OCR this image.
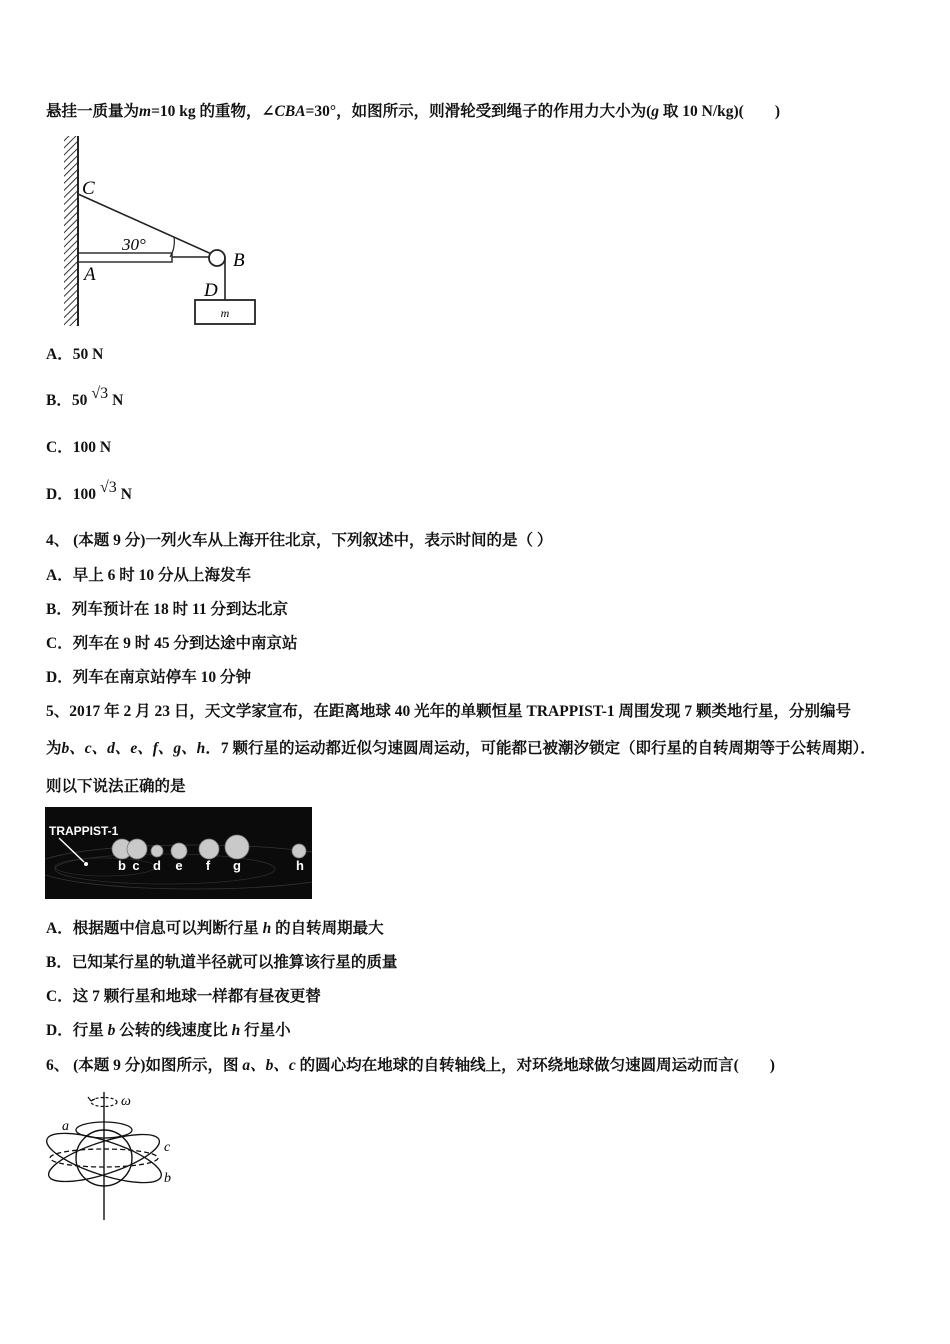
悬挂一质量为m=10 kg 的重物，∠CBA=30°，如图所示，则滑轮受到绳子的作用力大小为(g 取 10 N/kg)(　　)
m
C
A
B
D
30°
A．50 N
B．50 √3 N
C．100 N
D．100 √3 N
4、 (本题 9 分)一列火车从上海开往北京，下列叙述中，表示时间的是（ ）
A．早上 6 时 10 分从上海发车
B．列车预计在 18 时 11 分到达北京
C．列车在 9 时 45 分到达途中南京站
D．列车在南京站停车 10 分钟
5、2017 年 2 月 23 日，天文学家宣布，在距离地球 40 光年的单颗恒星 TRAPPIST-1 周围发现 7 颗类地行星，分别编号
为b、c、d、e、f、g、h．7 颗行星的运动都近似匀速圆周运动，可能都已被潮汐锁定（即行星的自转周期等于公转周期）．
则以下说法正确的是
TRAPPIST-1
b c d e f g	h
A．根据题中信息可以判断行星 h 的自转周期最大
B．已知某行星的轨道半径就可以推算该行星的质量
C．这 7 颗行星和地球一样都有昼夜更替
D．行星 b 公转的线速度比 h 行星小
6、 (本题 9 分)如图所示，图 a、b、c 的圆心均在地球的自转轴线上，对环绕地球做匀速圆周运动而言(　　)
ω
a
c
b
